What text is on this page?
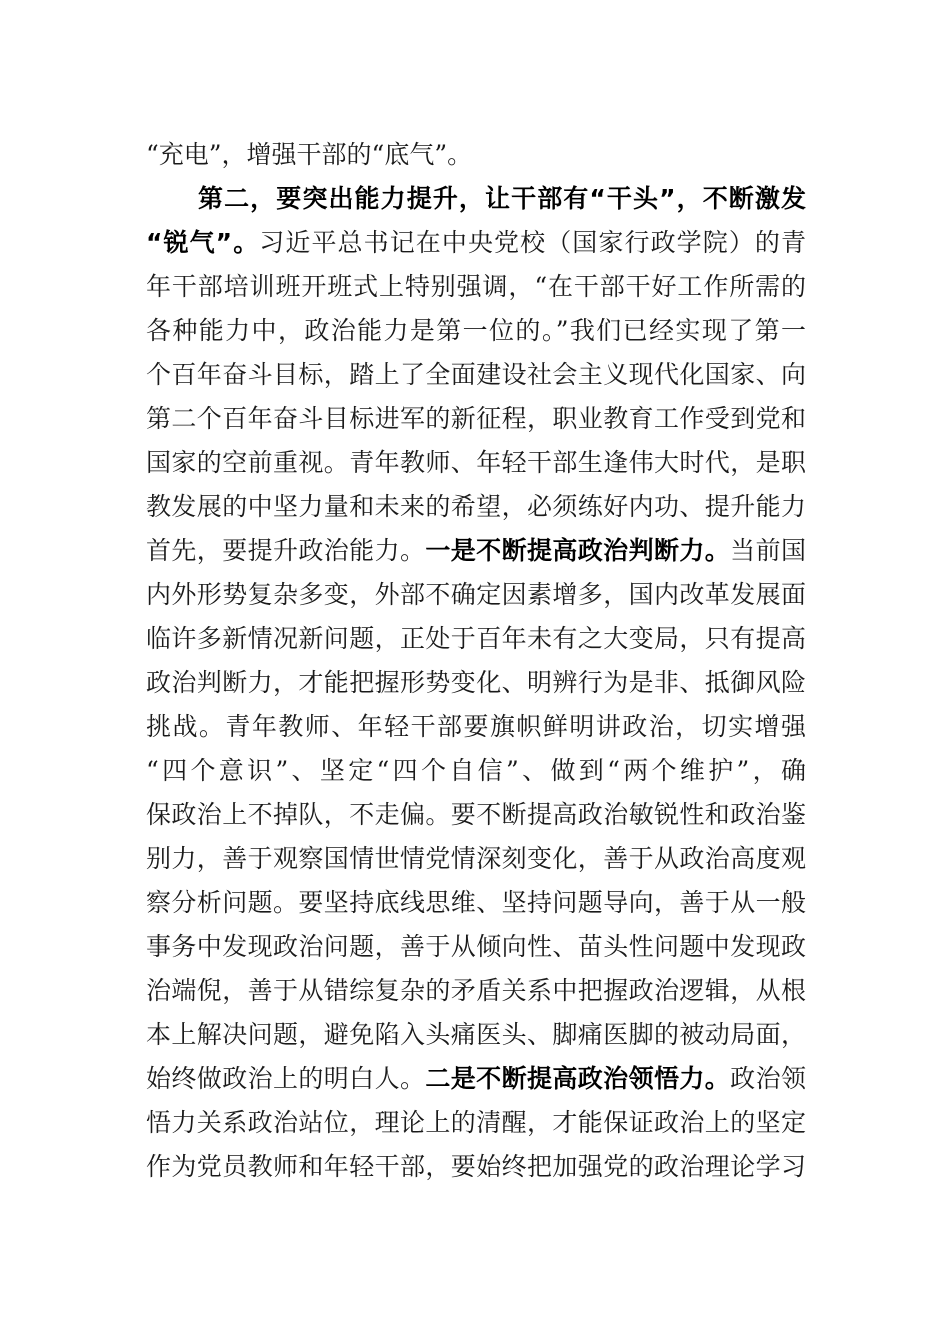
“充电”，增强干部的“底气”。
第二，要突出能力提升，让干部有“干头”，不断激发
“锐气”。习近平总书记在中央党校（国家行政学院）的青
年干部培训班开班式上特别强调，“在干部干好工作所需的
各种能力中，政治能力是第一位的。”我们已经实现了第一
个百年奋斗目标，踏上了全面建设社会主义现代化国家、向
第二个百年奋斗目标进军的新征程，职业教育工作受到党和
国家的空前重视。青年教师、年轻干部生逢伟大时代，是职
教发展的中坚力量和未来的希望，必须练好内功、提升能力
首先，要提升政治能力。一是不断提高政治判断力。当前国
内外形势复杂多变，外部不确定因素增多，国内改革发展面
临许多新情况新问题，正处于百年未有之大变局，只有提高
政治判断力，才能把握形势变化、明辨行为是非、抵御风险
挑战。青年教师、年轻干部要旗帜鲜明讲政治，切实增强
“四个意识”、坚定“四个自信”、做到“两个维护”，确
保政治上不掉队，不走偏。要不断提高政治敏锐性和政治鉴
别力，善于观察国情世情党情深刻变化，善于从政治高度观
察分析问题。要坚持底线思维、坚持问题导向，善于从一般
事务中发现政治问题，善于从倾向性、苗头性问题中发现政
治端倪，善于从错综复杂的矛盾关系中把握政治逻辑，从根
本上解决问题，避免陷入头痛医头、脚痛医脚的被动局面，
始终做政治上的明白人。二是不断提高政治领悟力。政治领
悟力关系政治站位，理论上的清醒，才能保证政治上的坚定
作为党员教师和年轻干部，要始终把加强党的政治理论学习
